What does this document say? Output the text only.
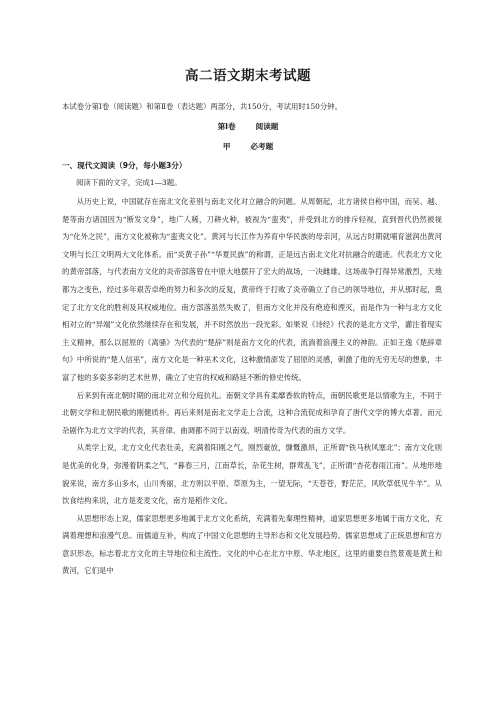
高二语文期末考试题
本试卷分第Ⅰ卷（阅读题）和第Ⅱ卷（表达题）两部分，共150分，考试用时150分钟。
第Ⅰ卷	阅读题
甲	必考题
一、现代文阅读（9分，每小题3分）
阅读下面的文字，完成1—3题。

从历史上说，中国就存在南北文化差别与南北文化对立融合的问题。从周朝起，北方诸侯自称中国，而吴、越、楚等南方诸国因为“断发文身”，地广人稀，刀耕火种，被视为“蛮夷”，并受到北方的排斥轻视，直到晋代仍然被视为“化外之民”，南方文化被称为“蛮夷文化”。黄河与长江作为养育中华民族的母亲河，从远古时期就哺育滋润出黄河文明与长江文明两大文化体系。而“炎黄子孙”“华夏民族”的称谓，正是远古南北文化对抗融合的遗迹。代表北方文化的黄帝部落，与代表南方文化的炎帝部落曾在中原大地摆开了宏大的战场，一决雌雄。这场战争打得异常激烈，天地都为之变色，经过多年艰苦卓绝的努力和多次的反复，黄帝终于打败了炎帝确立了自己的领导地位，并从那时起，奠定了北方文化的胜利及其权威地位。南方部落虽然失败了，但南方文化并没有绝迹和湮灭，而是作为一种与北方文化相对立的“异端”文化依然继续存在和发展，并不时然放出一段光彩。如果说《诗经》代表的是北方文学，灌注着现实主义精神，那么以屈原的《离骚》为代表的“楚辞”则是南方文化的代表，流淌着浪漫主义的神韵。正如王逸《楚辞章句》中所说的“楚人信巫”，南方文化是一种巫术文化，这种激情澎发了屈原的灵感，刺激了他的无穷无尽的想象，丰富了他的多姿多彩的艺术世界，确立了史官的权威和路延不断的修史传统。

后来到有南北朝时期的南北对立和分庭抗礼。南朝文学具有柔靡香软的特点，南朝民歌更是以情歌为主，不同于北朝文学和北朝民歌的刚健质朴。再后来则是南北文学走上合流，这种合流促成和孕育了唐代文学的博大卓著。而元杂剧作为北方文学的代表，其音律、曲调都不同于以南戏、明清传奇为代表的南方文学。

从类学上说，北方文化代表壮美，充满着阳刚之气，刚烈豪放，慷慨激昂，正所谓“铁马秋风塞北”；南方文化则是优美的化身，弥漫着阴柔之气，“暮春三月，江南草长，杂花生树，群莺乱飞”，正所谓“杏花春雨江南”。从地形地貌来说，南方多山多水，山川秀丽，北方则以平原、草原为主，一望无际，“天苍苍，野茫茫，风吹草低见牛羊”。从饮食结构来说，北方是麦麦文化，南方是稻作文化。

从思想形态上说，儒家思想更多地属于北方文化系统，充满着先秦理性精神，道家思想更多地属于南方文化，充满着理想和浪漫气息。而儒道互补，构成了中国文化思想的主导形态和文化发展趋势。儒家思想成了正统思想和官方意识形态，标志着北方文化的主导地位和主流性。文化的中心在北方中原、华北地区，这里的重要自然景观是黄土和黄河，它们是中
